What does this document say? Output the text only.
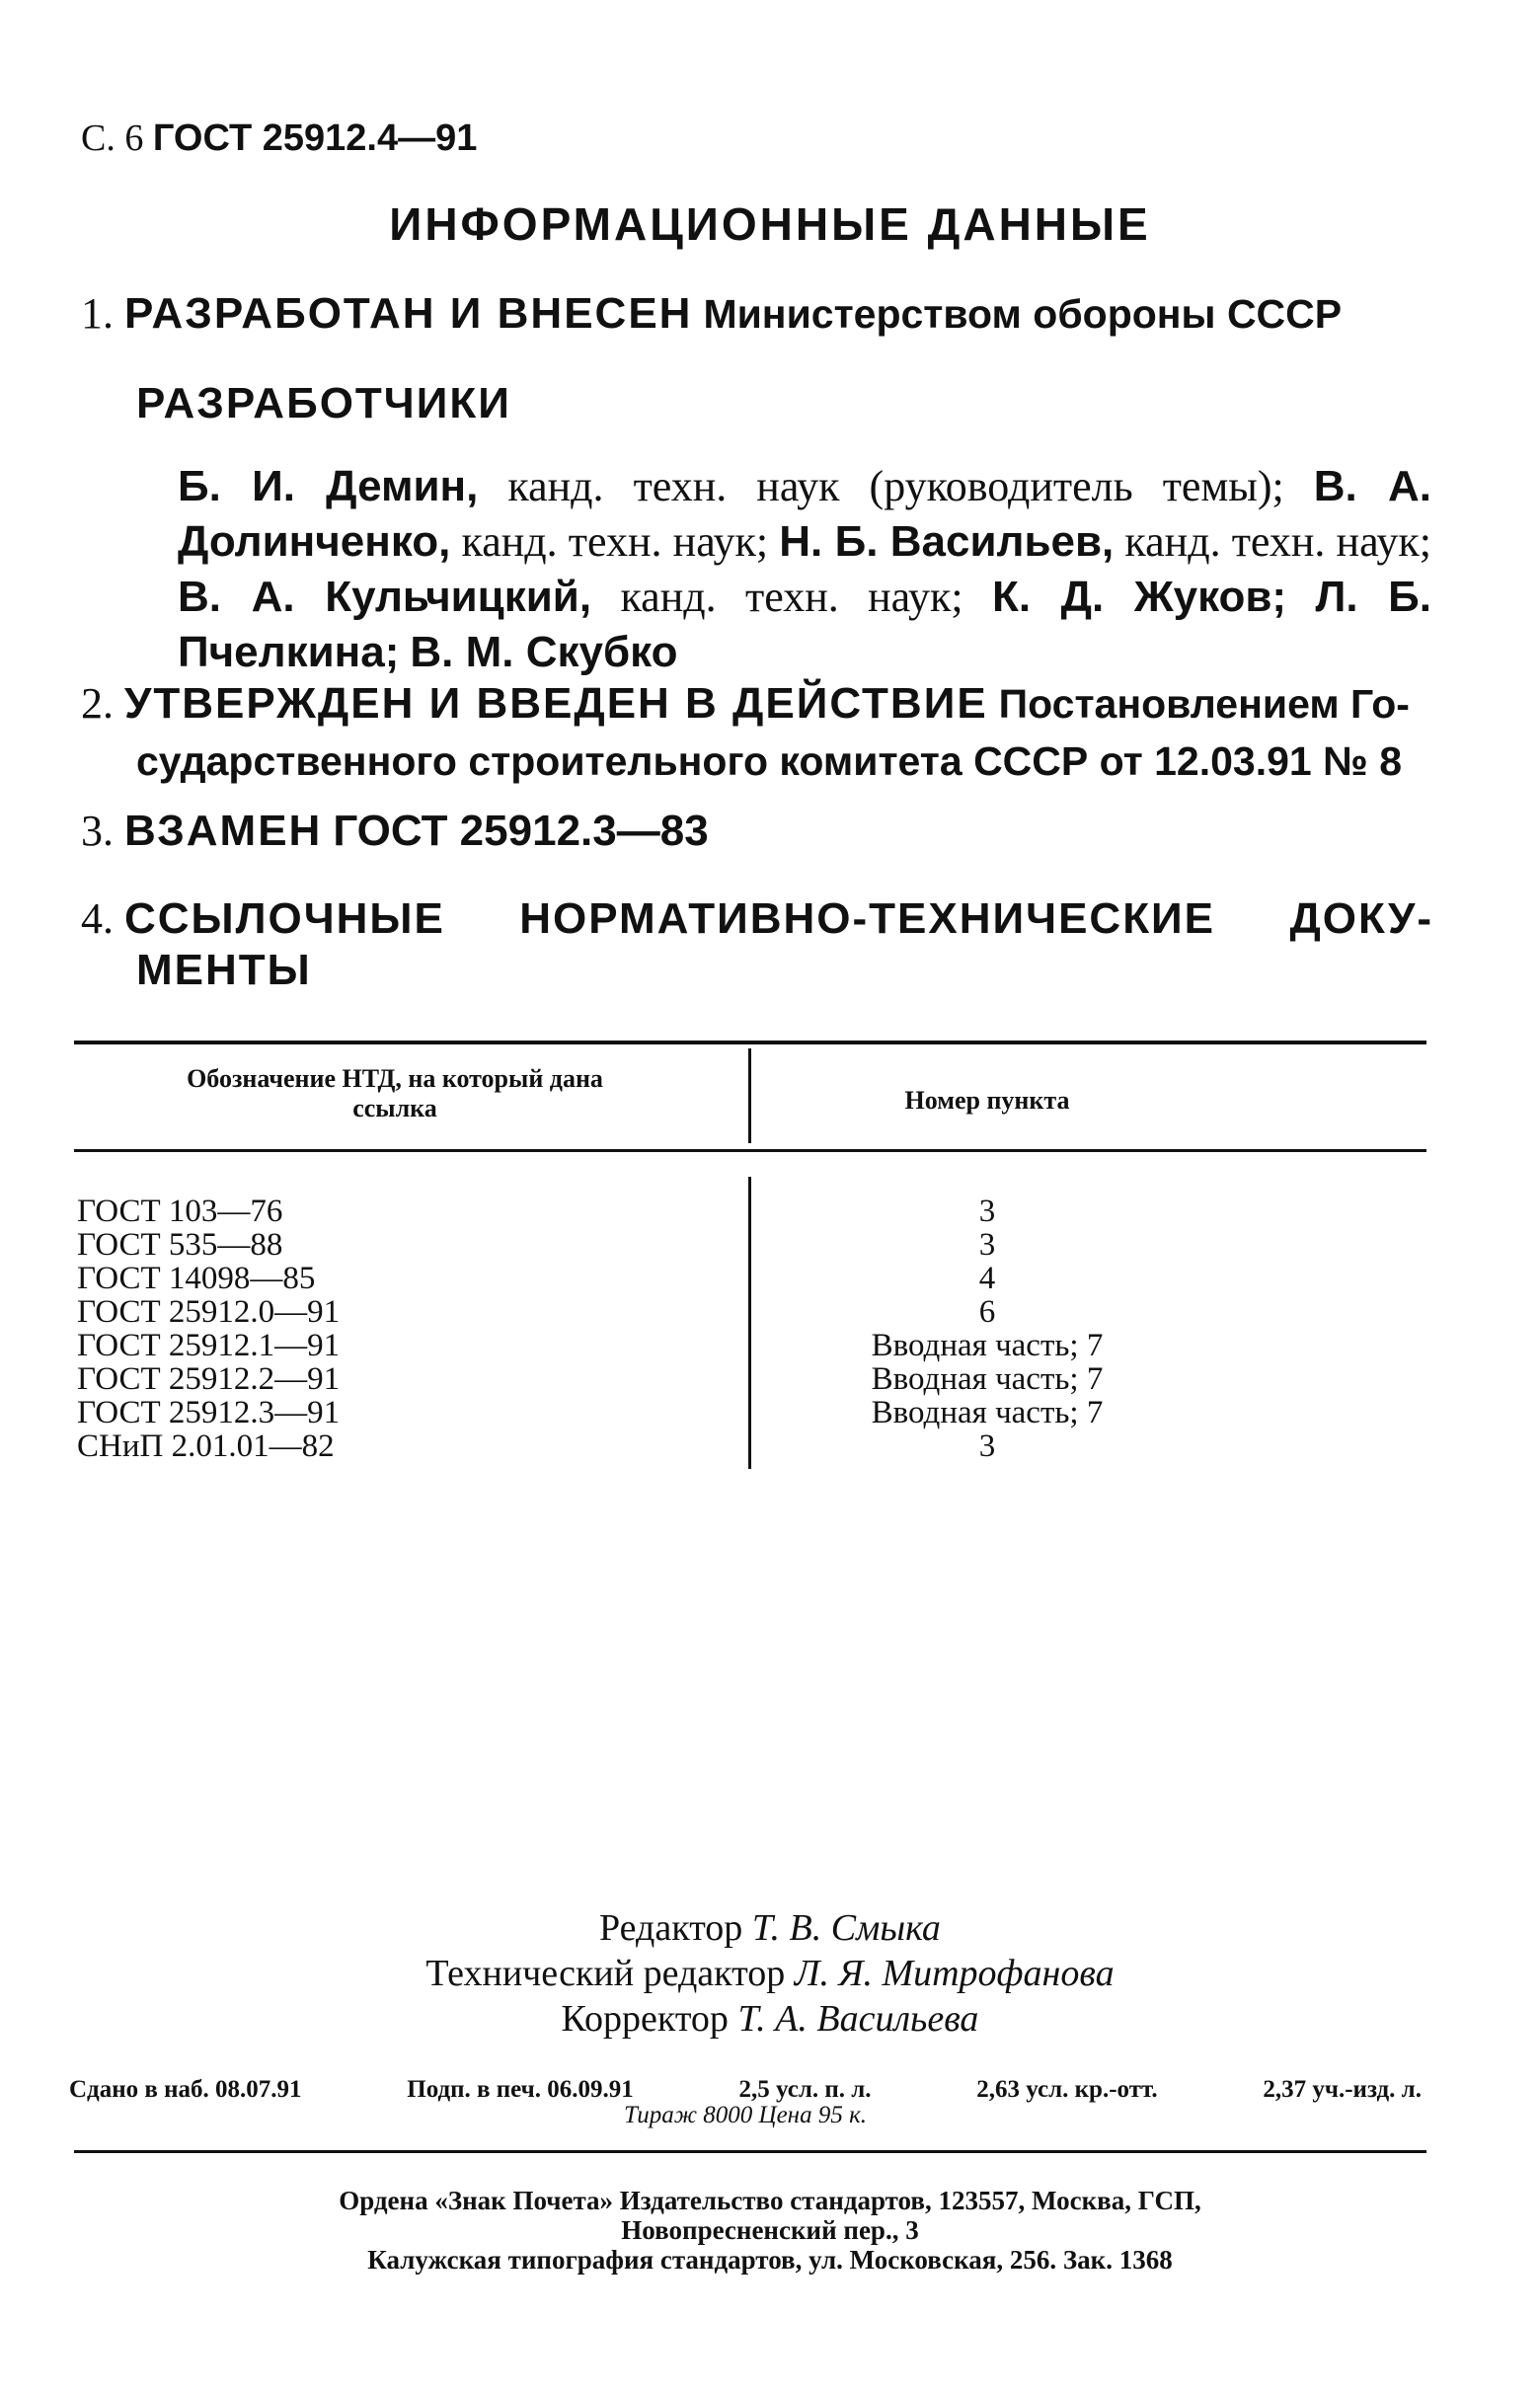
С. 6 ГОСТ 25912.4—91
ИНФОРМАЦИОННЫЕ ДАННЫЕ
1. РАЗРАБОТАН И ВНЕСЕН Министерством обороны СССР
РАЗРАБОТЧИКИ
Б. И. Демин, канд. техн. наук (руководитель темы); В. А. Долинченко, канд. техн. наук; Н. Б. Васильев, канд. техн. наук; В. А. Кульчицкий, канд. техн. наук; К. Д. Жуков; Л. Б. Пчелкина; В. М. Скубко
2. УТВЕРЖДЕН И ВВЕДЕН В ДЕЙСТВИЕ Постановлением Го-
сударственного строительного комитета СССР от 12.03.91 № 8
3. ВЗАМЕН ГОСТ 25912.3—83
4. ССЫЛОЧНЫЕ НОРМАТИВНО-ТЕХНИЧЕСКИЕ ДОКУ-
МЕНТЫ
Обозначение НТД, на который дана ссылка	Номер пункта
ГОСТ 103—76	3
ГОСТ 535—88	3
ГОСТ 14098—85	4
ГОСТ 25912.0—91	6
ГОСТ 25912.1—91	Вводная часть; 7
ГОСТ 25912.2—91	Вводная часть; 7
ГОСТ 25912.3—91	Вводная часть; 7
СНиП 2.01.01—82	3
Редактор Т. В. Смыка
Технический редактор Л. Я. Митрофанова
Корректор Т. А. Васильева
Сдано в наб. 08.07.91	Подп. в печ. 06.09.91	2,5 усл. п. л.	2,63 усл. кр.-отт.	2,37 уч.-изд. л.
Тираж 8000 Цена 95 к.
Ордена «Знак Почета» Издательство стандартов, 123557, Москва, ГСП,
Новопресненский пер., 3
Калужская типография стандартов, ул. Московская, 256. Зак. 1368
